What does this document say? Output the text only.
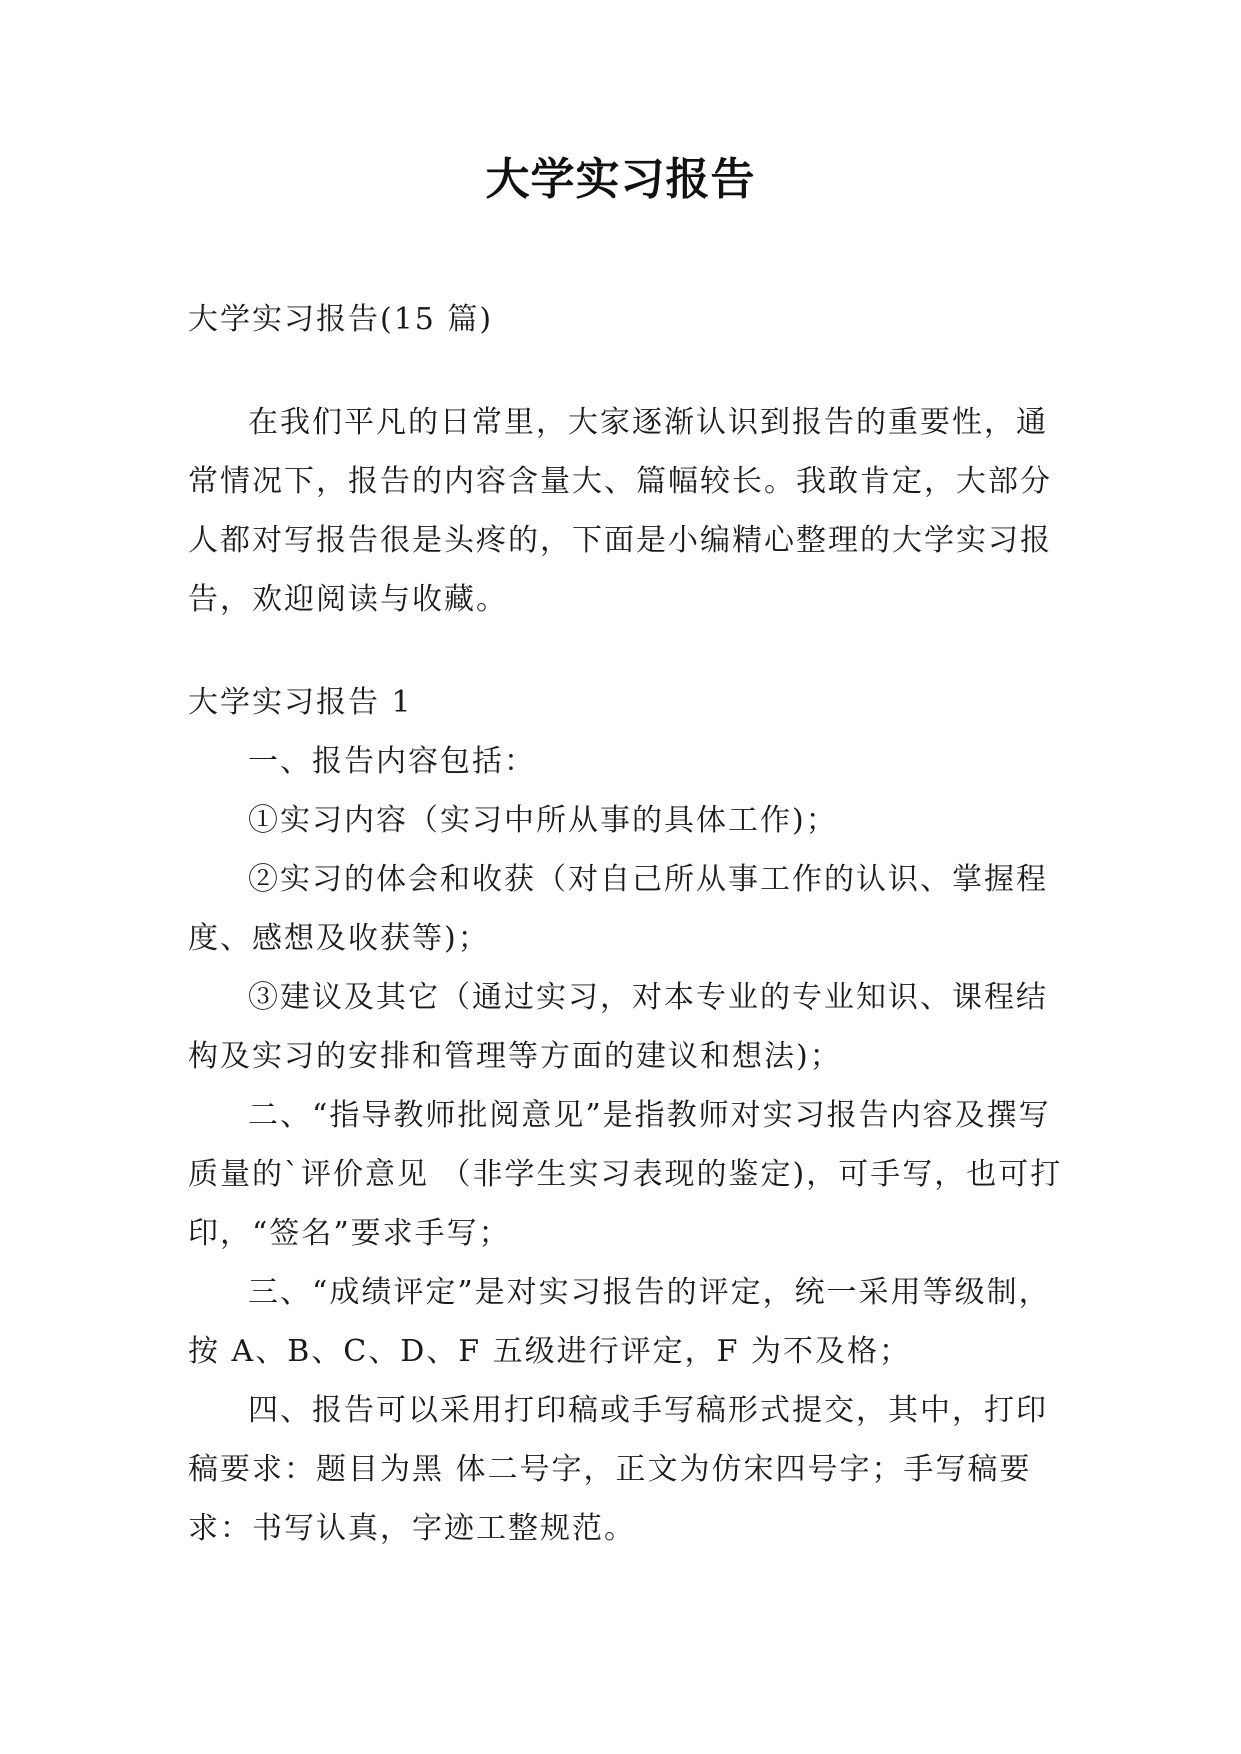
大学实习报告

大学实习报告(15 篇)

在我们平凡的日常里，大家逐渐认识到报告的重要性，通常情况下，报告的内容含量大、篇幅较长。我敢肯定，大部分人都对写报告很是头疼的，下面是小编精心整理的大学实习报告，欢迎阅读与收藏。

大学实习报告 1

一、报告内容包括：

①实习内容（实习中所从事的具体工作)；

②实习的体会和收获（对自己所从事工作的认识、掌握程度、感想及收获等)；

③建议及其它（通过实习，对本专业的专业知识、课程结构及实习的安排和管理等方面的建议和想法)；

二、“指导教师批阅意见”是指教师对实习报告内容及撰写质量的`评价意见 （非学生实习表现的鉴定)，可手写，也可打印，“签名”要求手写；

三、“成绩评定”是对实习报告的评定，统一采用等级制，按 A、B、C、D、F 五级进行评定，F 为不及格；

四、报告可以采用打印稿或手写稿形式提交，其中，打印稿要求：题目为黑 体二号字，正文为仿宋四号字；手写稿要求：书写认真，字迹工整规范。
